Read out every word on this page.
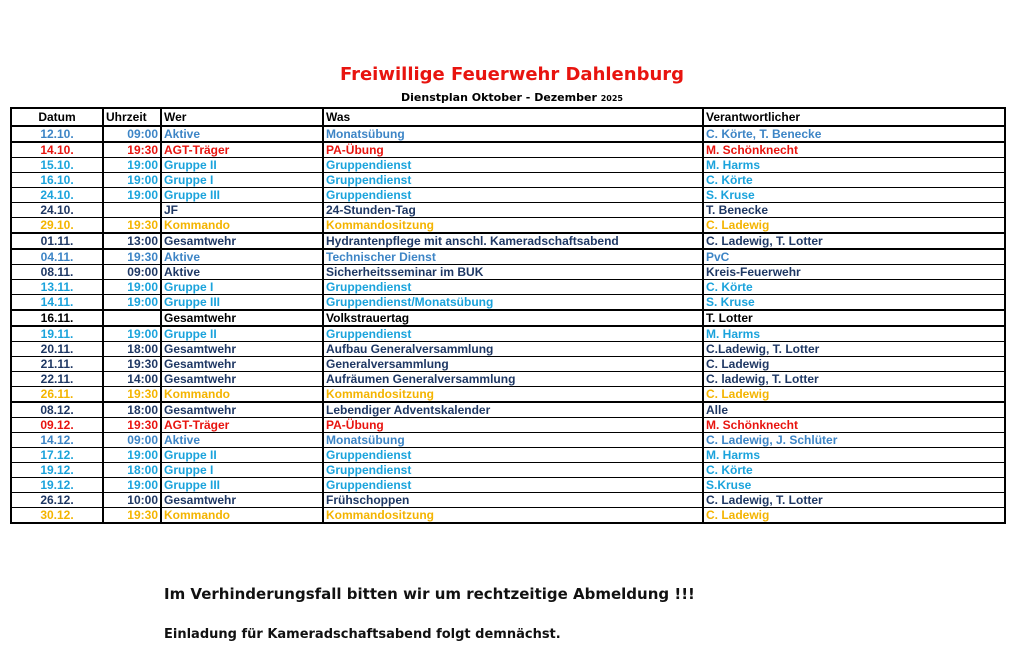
Freiwillige Feuerwehr Dahlenburg
Dienstplan Oktober - Dezember 2025
Datum	Uhrzeit	Wer	Was	Verantwortlicher
12.10.	09:00	Aktive	Monatsübung	C. Körte, T. Benecke
14.10.	19:30	AGT-Träger	PA-Übung	M. Schönknecht
15.10.	19:00	Gruppe II	Gruppendienst	M. Harms
16.10.	19:00	Gruppe I	Gruppendienst	C. Körte
24.10.	19:00	Gruppe III	Gruppendienst	S. Kruse
24.10.		JF	24-Stunden-Tag	T. Benecke
29.10.	19:30	Kommando	Kommandositzung	C. Ladewig
01.11.	13:00	Gesamtwehr	Hydrantenpflege mit anschl. Kameradschaftsabend	C. Ladewig, T. Lotter
04.11.	19:30	Aktive	Technischer Dienst	PvC
08.11.	09:00	Aktive	Sicherheitsseminar im BUK	Kreis-Feuerwehr
13.11.	19:00	Gruppe I	Gruppendienst	C. Körte
14.11.	19:00	Gruppe III	Gruppendienst/Monatsübung	S. Kruse
16.11.		Gesamtwehr	Volkstrauertag	T. Lotter
19.11.	19:00	Gruppe II	Gruppendienst	M. Harms
20.11.	18:00	Gesamtwehr	Aufbau Generalversammlung	C.Ladewig, T. Lotter
21.11.	19:30	Gesamtwehr	Generalversammlung	C. Ladewig
22.11.	14:00	Gesamtwehr	Aufräumen Generalversammlung	C. ladewig, T. Lotter
26.11.	19:30	Kommando	Kommandositzung	C. Ladewig
08.12.	18:00	Gesamtwehr	Lebendiger Adventskalender	Alle
09.12.	19:30	AGT-Träger	PA-Übung	M. Schönknecht
14.12.	09:00	Aktive	Monatsübung	C. Ladewig, J. Schlüter
17.12.	19:00	Gruppe II	Gruppendienst	M. Harms
19.12.	18:00	Gruppe I	Gruppendienst	C. Körte
19.12.	19:00	Gruppe III	Gruppendienst	S.Kruse
26.12.	10:00	Gesamtwehr	Frühschoppen	C. Ladewig, T. Lotter
30.12.	19:30	Kommando	Kommandositzung	C. Ladewig
Im Verhinderungsfall bitten wir um rechtzeitige Abmeldung !!!
Einladung für Kameradschaftsabend folgt demnächst.
